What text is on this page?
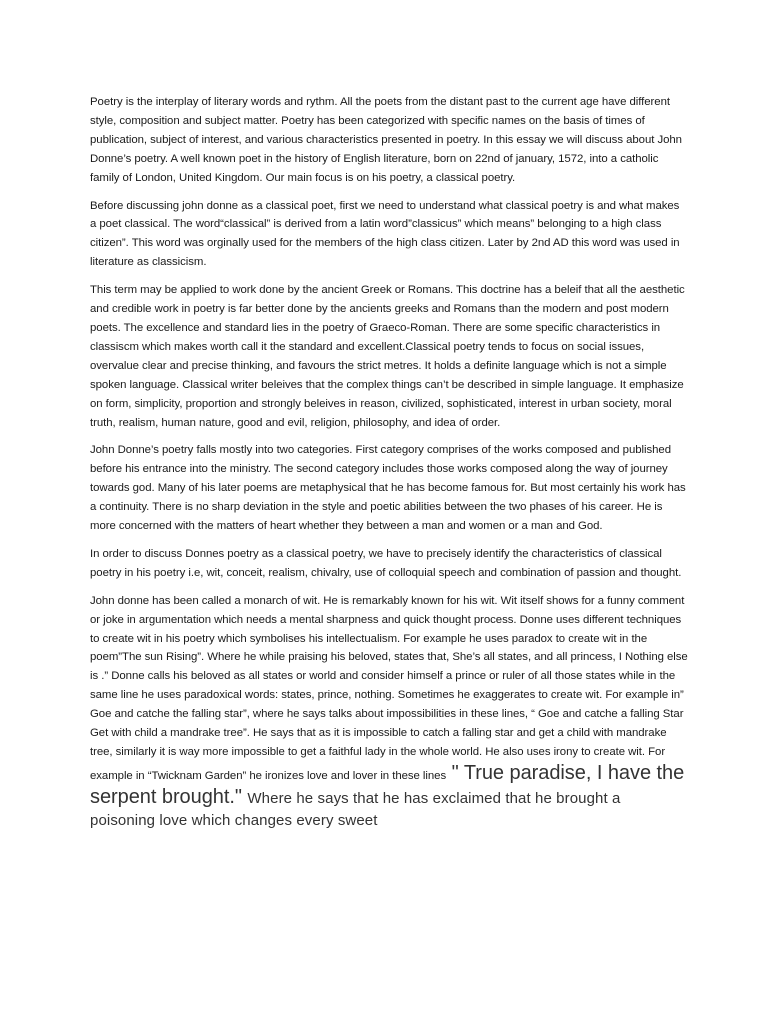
Poetry is the interplay of literary words and rythm. All the poets from the distant past to the current age have different style, composition and subject matter. Poetry has been categorized with specific names on the basis of times of publication, subject of interest, and various characteristics presented in poetry. In this essay we will discuss about John Donne’s poetry. A well known poet in the history of English literature, born on 22nd of january, 1572, into a catholic family of London, United Kingdom. Our main focus is on his poetry, a classical poetry.

Before discussing john donne as a classical poet, first we need to understand what classical poetry is and what makes a poet classical. The word“classical” is derived from a latin word”classicus” which means” belonging to a high class citizen”. This word was orginally used for the members of the high class citizen. Later by 2nd AD this word was used in literature as classicism.

This term may be applied to work done by the ancient Greek or Romans. This doctrine has a beleif that all the aesthetic and credible work in poetry is far better done by the ancients greeks and Romans than the modern and post modern poets. The excellence and standard lies in the poetry of Graeco-Roman. There are some specific characteristics in classiscm which makes worth call it the standard and excellent.Classical poetry tends to focus on social issues, overvalue clear and precise thinking, and favours the strict metres. It holds a definite language which is not a simple spoken language. Classical writer beleives that the complex things can’t be described in simple language. It emphasize on form, simplicity, proportion and strongly beleives in reason, civilized, sophisticated, interest in urban society, moral truth, realism, human nature, good and evil, religion, philosophy, and idea of order.

John Donne’s poetry falls mostly into two categories. First category comprises of the works composed and published before his entrance into the ministry. The second category includes those works composed along the way of journey towards god. Many of his later poems are metaphysical that he has become famous for. But most certainly his work has a continuity. There is no sharp deviation in the style and poetic abilities between the two phases of his career. He is more concerned with the matters of heart whether they between a man and women or a man and God.

In order to discuss Donnes poetry as a classical poetry, we have to precisely identify the characteristics of classical poetry in his poetry i.e, wit, conceit, realism, chivalry, use of colloquial speech and combination of passion and thought.

John donne has been called a monarch of wit. He is remarkably known for his wit. Wit itself shows for a funny comment or joke in argumentation which needs a mental sharpness and quick thought process. Donne uses different techniques to create wit in his poetry which symbolises his intellectualism. For example he uses paradox to create wit in the poem”The sun Rising”. Where he while praising his beloved, states that, She’s all states, and all princess, I Nothing else is .” Donne calls his beloved as all states or world and consider himself a prince or ruler of all those states while in the same line he uses paradoxical words: states, prince, nothing. Sometimes he exaggerates to create wit. For example in” Goe and catche the falling star”, where he says talks about impossibilities in these lines, “ Goe and catche a falling Star Get with child a mandrake tree”. He says that as it is impossible to catch a falling star and get a child with mandrake tree, similarly it is way more impossible to get a faithful lady in the whole world. He also uses irony to create wit. For example in “Twicknam Garden” he ironizes love and lover in these lines " True paradise, I have the serpent brought." Where he says that he has exclaimed that he brought a poisoning love which changes every sweet
